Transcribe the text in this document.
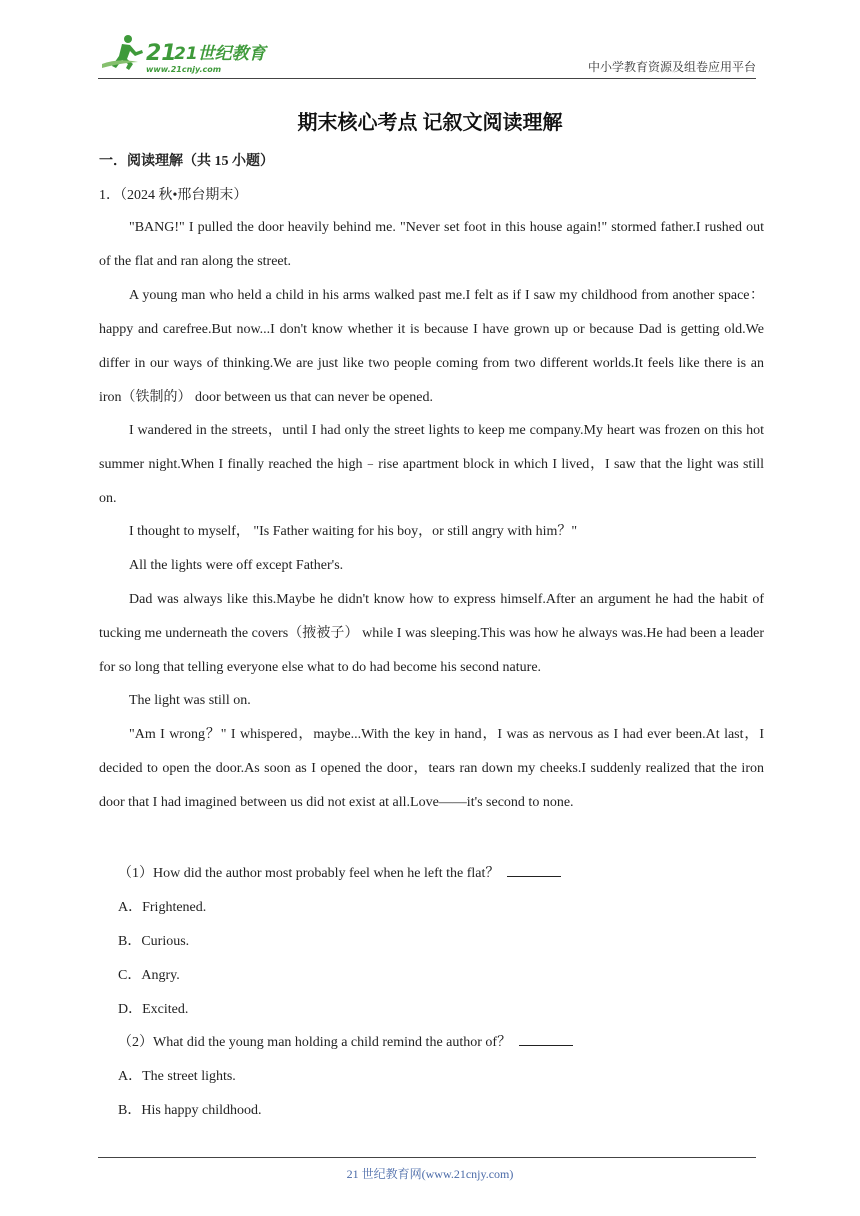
21
21世纪教育
www.21cnjy.com	中小学教育资源及组卷应用平台
期末核心考点 记叙文阅读理解
一．阅读理解（共 15 小题）
1．（2024 秋•邢台期末）
"BANG!" I pulled the door heavily behind me. "Never set foot in this house again!" stormed father.I rushed out of the flat and ran along the street.
A young man who held a child in his arms walked past me.I felt as if I saw my childhood from another space：happy and carefree.But now...I don't know whether it is because I have grown up or because Dad is getting old.We differ in our ways of thinking.We are just like two people coming from two different worlds.It feels like there is an iron（铁制的） door between us that can never be opened.
I wandered in the streets，until I had only the street lights to keep me company.My heart was frozen on this hot summer night.When I finally reached the high﹣rise apartment block in which I lived，I saw that the light was still on.
I thought to myself， "Is Father waiting for his boy，or still angry with him？"
All the lights were off except Father's.
Dad was always like this.Maybe he didn't know how to express himself.After an argument he had the habit of tucking me underneath the covers（掖被子） while I was sleeping.This was how he always was.He had been a leader for so long that telling everyone else what to do had become his second nature.
The light was still on.
"Am I wrong？" I whispered，maybe...With the key in hand，I was as nervous as I had ever been.At last，I decided to open the door.As soon as I opened the door，tears ran down my cheeks.I suddenly realized that the iron door that I had imagined between us did not exist at all.Love——it's second to none.
（1）How did the author most probably feel when he left the flat？
A．Frightened.
B．Curious.
C．Angry.
D．Excited.
（2）What did the young man holding a child remind the author of？
A．The street lights.
B．His happy childhood.
21 世纪教育网(www.21cnjy.com)
